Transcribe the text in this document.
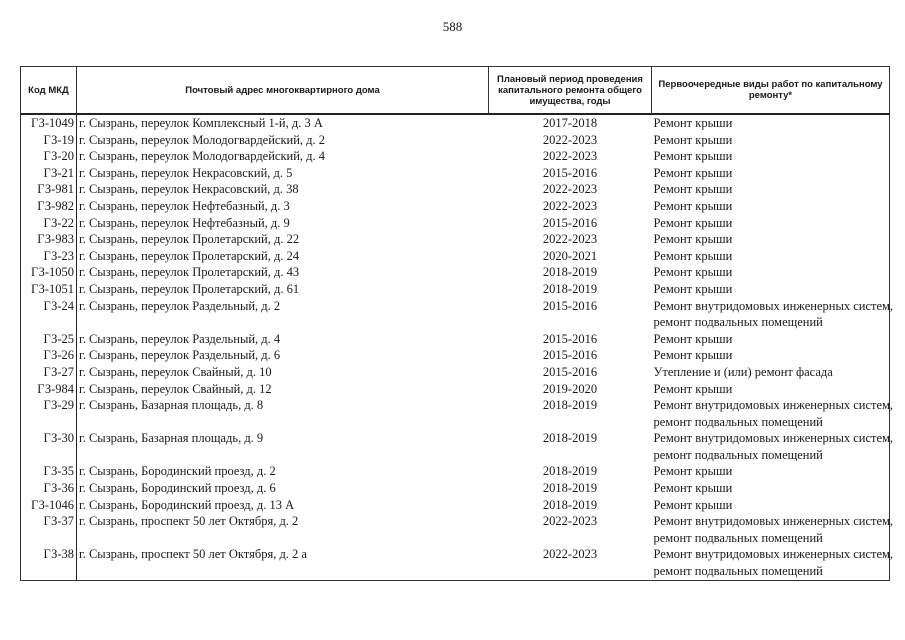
588
Код МКД	Почтовый адрес многоквартирного дома	Плановый период проведения капитального ремонта общего имущества, годы	Первоочередные виды работ по капитальному ремонту*
ГЗ-1049	г. Сызрань, переулок Комплексный 1-й, д. 3 А	2017-2018	Ремонт крыши

ГЗ-19	г. Сызрань, переулок Молодогвардейский, д. 2	2022-2023	Ремонт крыши

ГЗ-20	г. Сызрань, переулок Молодогвардейский, д. 4	2022-2023	Ремонт крыши

ГЗ-21	г. Сызрань, переулок Некрасовский, д. 5	2015-2016	Ремонт крыши

ГЗ-981	г. Сызрань, переулок Некрасовский, д. 38	2022-2023	Ремонт крыши

ГЗ-982	г. Сызрань, переулок Нефтебазный, д. 3	2022-2023	Ремонт крыши

ГЗ-22	г. Сызрань, переулок Нефтебазный, д. 9	2015-2016	Ремонт крыши

ГЗ-983	г. Сызрань, переулок Пролетарский, д. 22	2022-2023	Ремонт крыши

ГЗ-23	г. Сызрань, переулок Пролетарский, д. 24	2020-2021	Ремонт крыши

ГЗ-1050	г. Сызрань, переулок Пролетарский, д. 43	2018-2019	Ремонт крыши

ГЗ-1051	г. Сызрань, переулок Пролетарский, д. 61	2018-2019	Ремонт крыши

ГЗ-24	г. Сызрань, переулок Раздельный, д. 2	2015-2016	Ремонт внутридомовых инженерных систем,
ремонт подвальных помещений

ГЗ-25	г. Сызрань, переулок Раздельный, д. 4	2015-2016	Ремонт крыши

ГЗ-26	г. Сызрань, переулок Раздельный, д. 6	2015-2016	Ремонт крыши

ГЗ-27	г. Сызрань, переулок Свайный, д. 10	2015-2016	Утепление и (или) ремонт фасада

ГЗ-984	г. Сызрань, переулок Свайный, д. 12	2019-2020	Ремонт крыши

ГЗ-29	г. Сызрань, Базарная площадь, д. 8	2018-2019	Ремонт внутридомовых инженерных систем,
ремонт подвальных помещений

ГЗ-30	г. Сызрань, Базарная площадь, д. 9	2018-2019	Ремонт внутридомовых инженерных систем,
ремонт подвальных помещений

ГЗ-35	г. Сызрань, Бородинский проезд, д. 2	2018-2019	Ремонт крыши

ГЗ-36	г. Сызрань, Бородинский проезд, д. 6	2018-2019	Ремонт крыши

ГЗ-1046	г. Сызрань, Бородинский проезд, д. 13 А	2018-2019	Ремонт крыши

ГЗ-37	г. Сызрань, проспект 50 лет Октября, д. 2	2022-2023	Ремонт внутридомовых инженерных систем,
ремонт подвальных помещений

ГЗ-38	г. Сызрань, проспект 50 лет Октября, д. 2 а	2022-2023	Ремонт внутридомовых инженерных систем,
ремонт подвальных помещений
